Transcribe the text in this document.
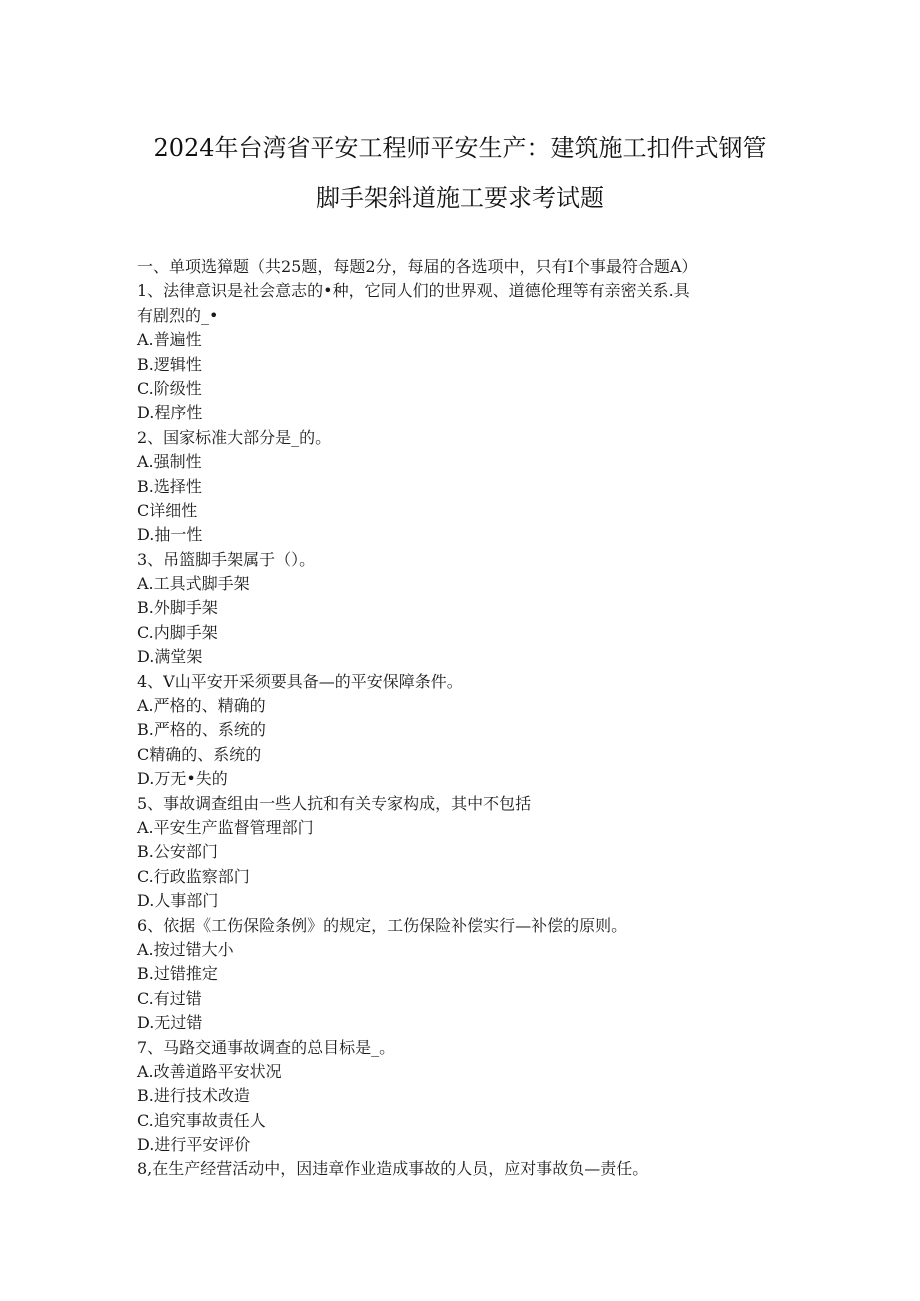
2024年台湾省平安工程师平安生产：建筑施工扣件式钢管
脚手架斜道施工要求考试题
一、单项选獐题（共25题，每题2分，每届的各选项中，只有I个事最符合题A）
1、法律意识是社会意志的•种，它同人们的世界观、道德伦理等有亲密关系.具
有剧烈的_•
A.普遍性
B.逻辑性
C.阶级性
D.程序性
2、国家标准大部分是_的。
A.强制性
B.选择性
C详细性
D.抽一性
3、吊篮脚手架属于（）。
A.工具式脚手架
B.外脚手架
C.内脚手架
D.满堂架
4、V山平安开采须要具备—的平安保障条件。
A.严格的、精确的
B.严格的、系统的
C精确的、系统的
D.万无•失的
5、事故调查组由一些人抗和有关专家构成，其中不包括
A.平安生产监督管理部门
B.公安部门
C.行政监察部门
D.人事部门
6、依据《工伤保险条例》的规定，工伤保险补偿实行—补偿的原则。
A.按过错大小
B.过错推定
C.有过错
D.无过错
7、马路交通事故调查的总目标是_。
A.改善道路平安状况
B.进行技术改造
C.追究事故责任人
D.进行平安评价
8,在生产经营活动中，因违章作业造成事故的人员，应对事故负—责任。
